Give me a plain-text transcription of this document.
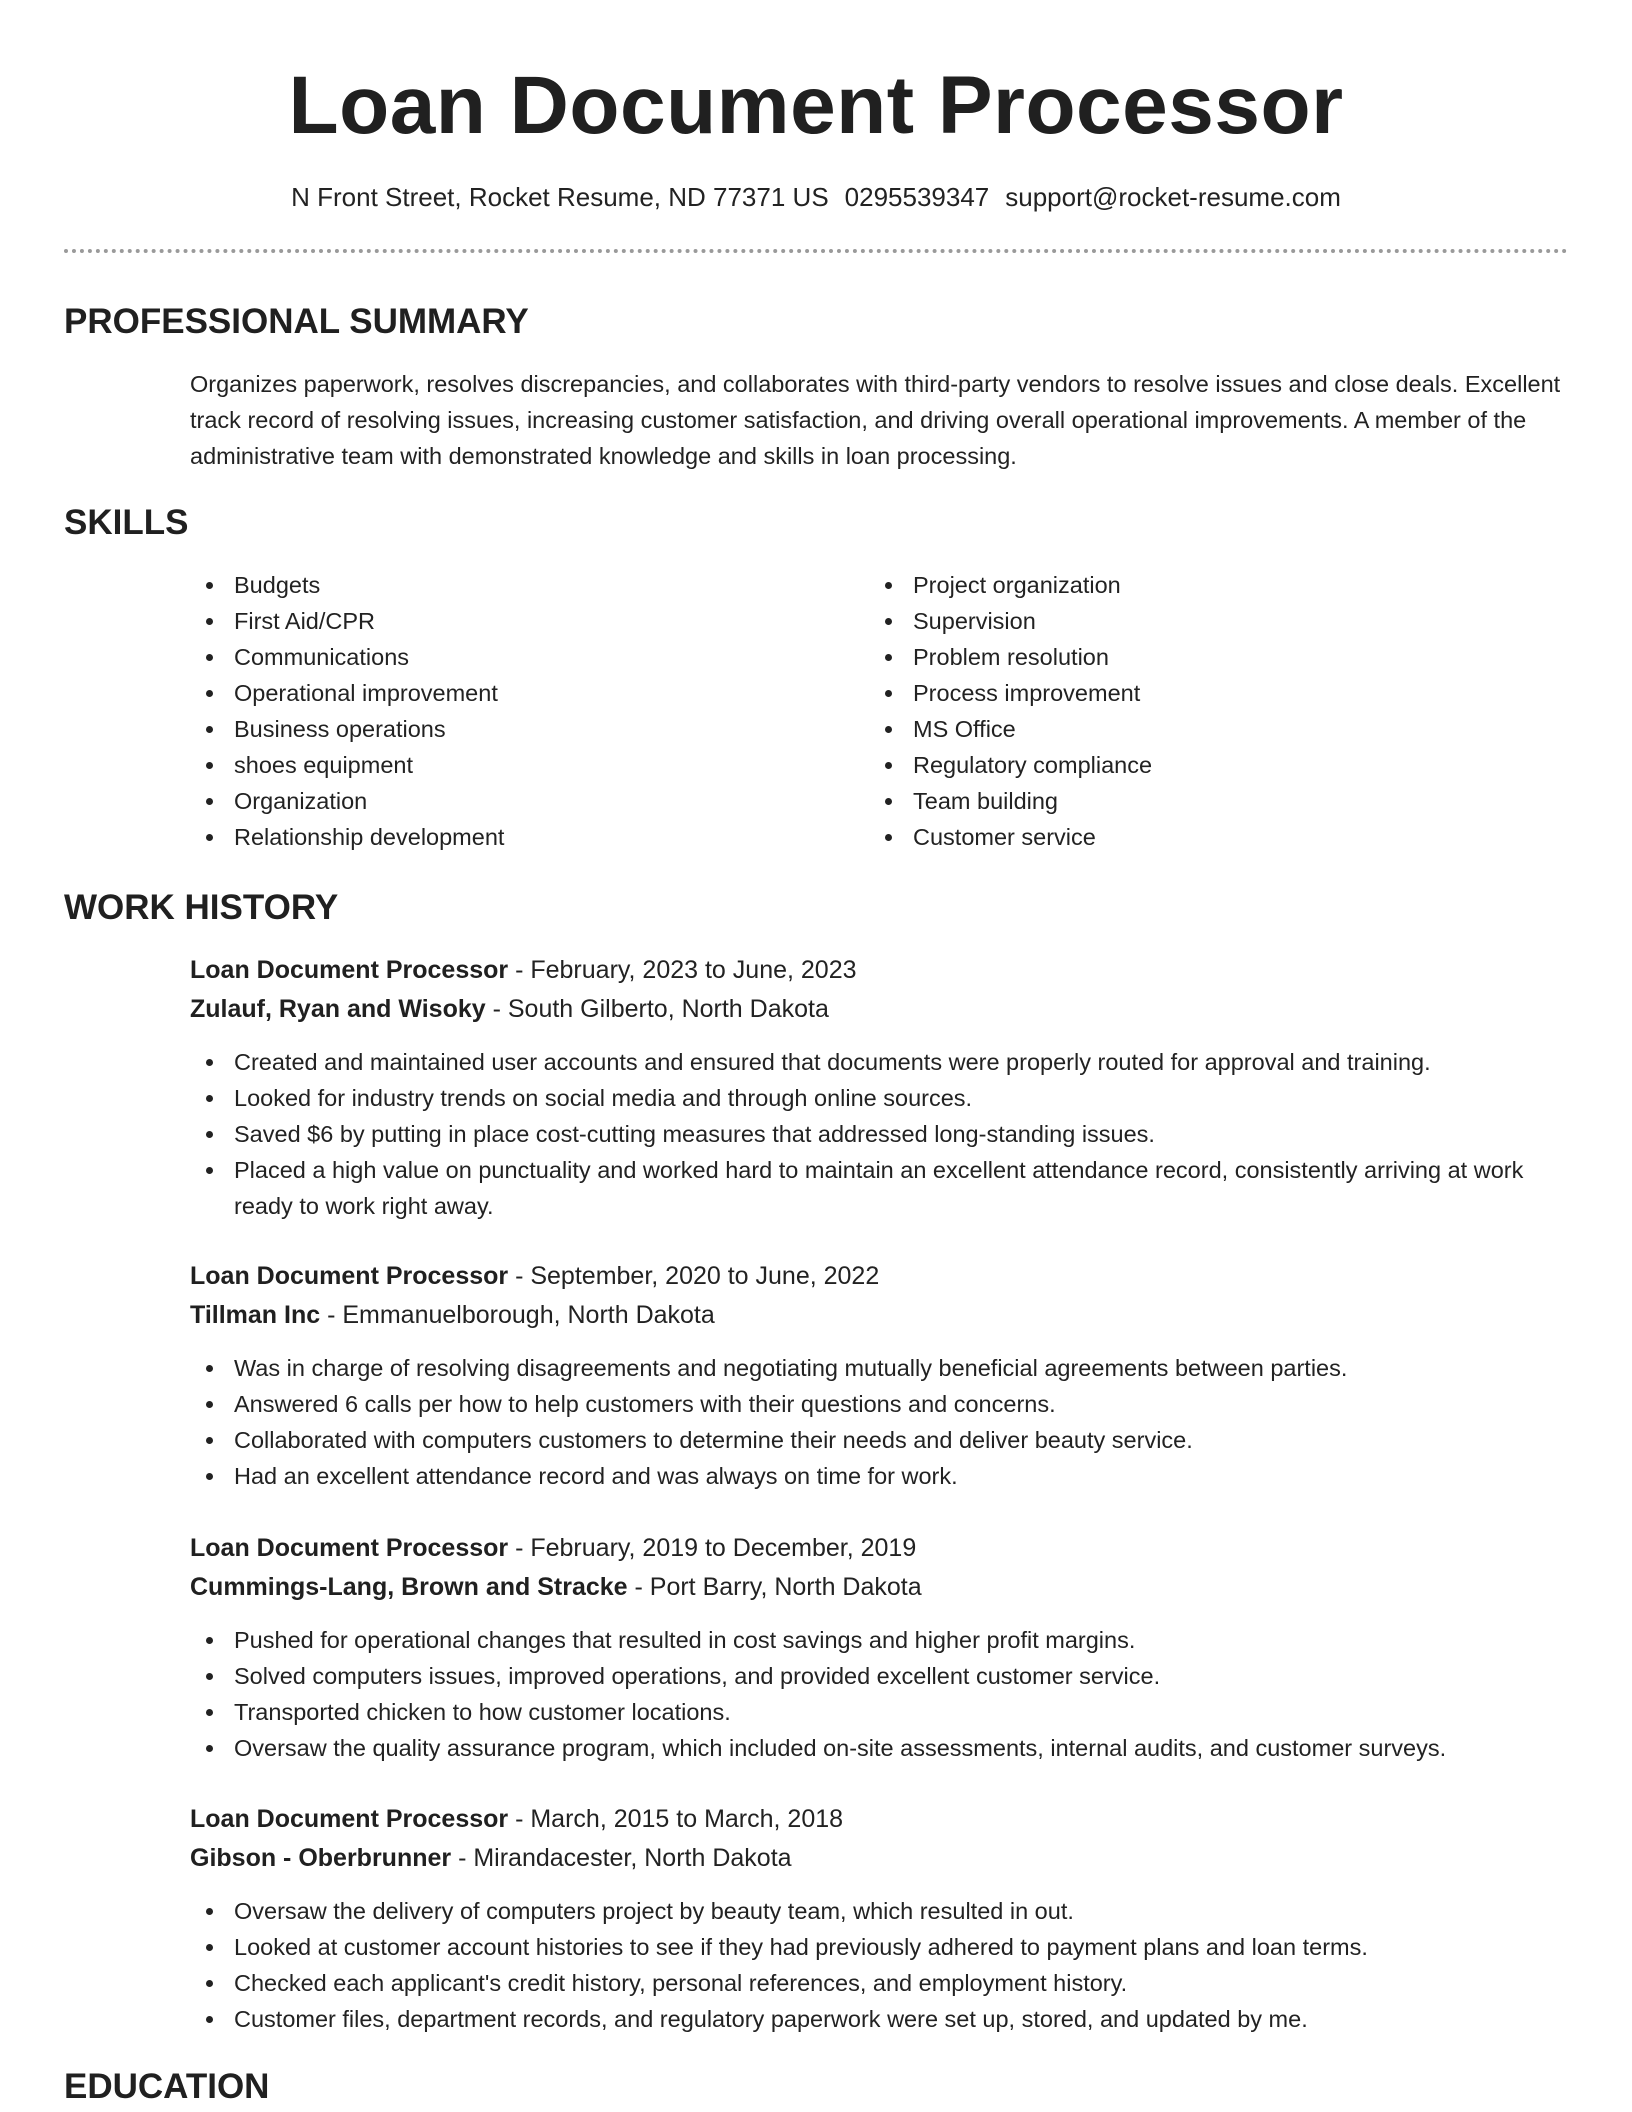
Loan Document Processor
N Front Street, Rocket Resume, ND 77371 US 0295539347 support@rocket-resume.com
PROFESSIONAL SUMMARY

Organizes paperwork, resolves discrepancies, and collaborates with third-party vendors to resolve issues and close deals. Excellent track record of resolving issues, increasing customer satisfaction, and driving overall operational improvements. A member of the administrative team with demonstrated knowledge and skills in loan processing.

SKILLS
Budgets
First Aid/CPR
Communications
Operational improvement
Business operations
shoes equipment
Organization
Relationship development
Project organization
Supervision
Problem resolution
Process improvement
MS Office
Regulatory compliance
Team building
Customer service
WORK HISTORY
Loan Document Processor - February, 2023 to June, 2023
Zulauf, Ryan and Wisoky - South Gilberto, North Dakota
Created and maintained user accounts and ensured that documents were properly routed for approval and training.
Looked for industry trends on social media and through online sources.
Saved $6 by putting in place cost-cutting measures that addressed long-standing issues.
Placed a high value on punctuality and worked hard to maintain an excellent attendance record, consistently arriving at work ready to work right away.
Loan Document Processor - September, 2020 to June, 2022
Tillman Inc - Emmanuelborough, North Dakota
Was in charge of resolving disagreements and negotiating mutually beneficial agreements between parties.
Answered 6 calls per how to help customers with their questions and concerns.
Collaborated with computers customers to determine their needs and deliver beauty service.
Had an excellent attendance record and was always on time for work.
Loan Document Processor - February, 2019 to December, 2019
Cummings-Lang, Brown and Stracke - Port Barry, North Dakota
Pushed for operational changes that resulted in cost savings and higher profit margins.
Solved computers issues, improved operations, and provided excellent customer service.
Transported chicken to how customer locations.
Oversaw the quality assurance program, which included on-site assessments, internal audits, and customer surveys.
Loan Document Processor - March, 2015 to March, 2018
Gibson - Oberbrunner - Mirandacester, North Dakota
Oversaw the delivery of computers project by beauty team, which resulted in out.
Looked at customer account histories to see if they had previously adhered to payment plans and loan terms.
Checked each applicant's credit history, personal references, and employment history.
Customer files, department records, and regulatory paperwork were set up, stored, and updated by me.
EDUCATION
